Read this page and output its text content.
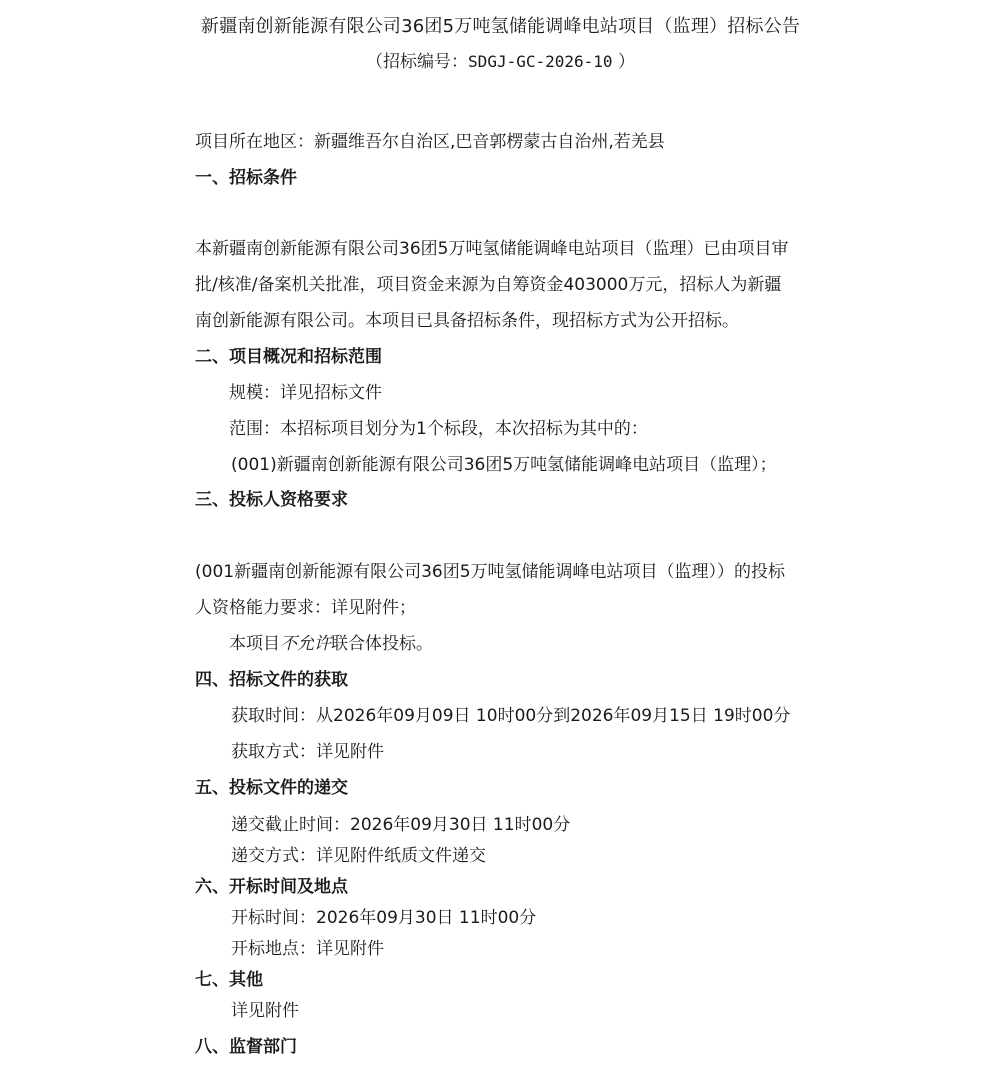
新疆南创新能源有限公司36团5万吨氢储能调峰电站项目（监理）招标公告
（招标编号：SDGJ-GC-2026-10 ）
项目所在地区：新疆维吾尔自治区,巴音郭楞蒙古自治州,若羌县
一、招标条件
本新疆南创新能源有限公司36团5万吨氢储能调峰电站项目（监理）已由项目审
批/核准/备案机关批准，项目资金来源为自筹资金403000万元，招标人为新疆
南创新能源有限公司。本项目已具备招标条件，现招标方式为公开招标。
二、项目概况和招标范围
规模：详见招标文件
范围：本招标项目划分为1个标段，本次招标为其中的：
(001)新疆南创新能源有限公司36团5万吨氢储能调峰电站项目（监理）；
三、投标人资格要求
(001新疆南创新能源有限公司36团5万吨氢储能调峰电站项目（监理））的投标
人资格能力要求：详见附件；
本项目不允许联合体投标。
四、招标文件的获取
获取时间：从2026年09月09日 10时00分到2026年09月15日 19时00分
获取方式：详见附件
五、投标文件的递交
递交截止时间：2026年09月30日 11时00分
递交方式：详见附件纸质文件递交
六、开标时间及地点
开标时间：2026年09月30日 11时00分
开标地点：详见附件
七、其他
详见附件
八、监督部门
